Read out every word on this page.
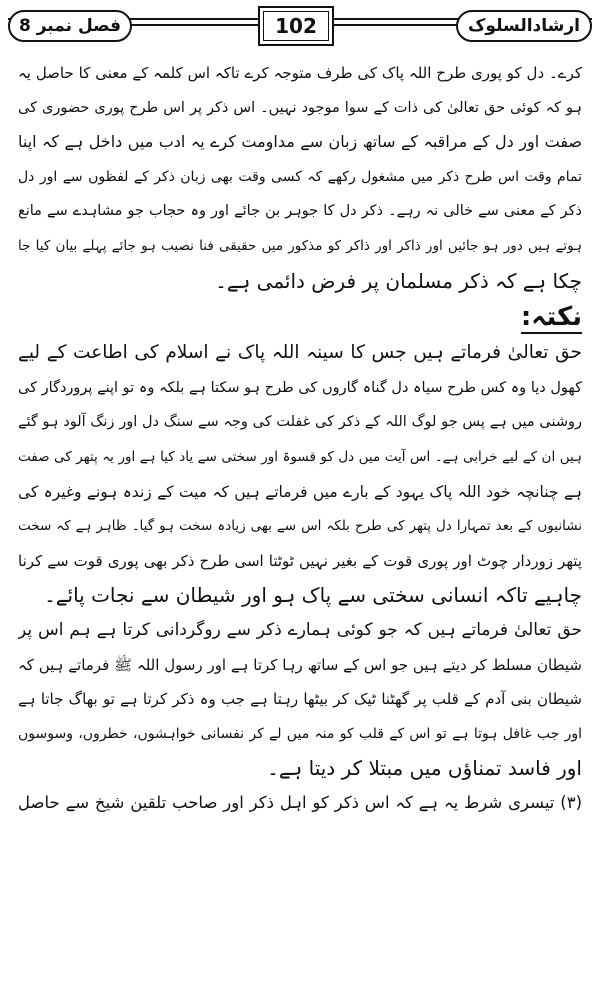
فصل نمبر 8	102	ارشادالسلوک
کرے۔ دل کو پوری طرح اللہ پاک کی طرف متوجہ کرے تاکہ اس کلمہ کے معنی کا حاصل یہ
ہو کہ کوئی حق تعالیٰ کی ذات کے سوا موجود نہیں۔ اس ذکر پر اس طرح پوری حضوری کی
صفت اور دل کے مراقبہ کے ساتھ زبان سے مداومت کرے یہ ادب میں داخل ہے کہ اپنا
تمام وقت اس طرح ذکر میں مشغول رکھے کہ کسی وقت بھی زبان ذکر کے لفظوں سے اور دل
ذکر کے معنی سے خالی نہ رہے۔ ذکر دل کا جوہر بن جائے اور وہ حجاب جو مشاہدے سے مانع
ہوتے ہیں دور ہو جائیں اور ذاکر اور ذاکر کو مذکور میں حقیقی فنا نصیب ہو جائے پہلے بیان کیا جا
چکا ہے کہ ذکر مسلمان پر فرض دائمی ہے۔
نکتہ:
حق تعالیٰ فرماتے ہیں جس کا سینہ اللہ پاک نے اسلام کی اطاعت کے لیے
کھول دیا وہ کس طرح سیاہ دل گناہ گاروں کی طرح ہو سکتا ہے بلکہ وہ تو اپنے پروردگار کی
روشنی میں ہے پس جو لوگ اللہ کے ذکر کی غفلت کی وجہ سے سنگ دل اور زنگ آلود ہو گئے
ہیں ان کے لیے خرابی ہے۔ اس آیت میں دل کو قسوۃ اور سختی سے یاد کیا ہے اور یہ پتھر کی صفت
ہے چنانچہ خود اللہ پاک یہود کے بارے میں فرماتے ہیں کہ میت کے زندہ ہونے وغیرہ کی
نشانیوں کے بعد تمہارا دل پتھر کی طرح بلکہ اس سے بھی زیادہ سخت ہو گیا۔ ظاہر ہے کہ سخت
پتھر زوردار چوٹ اور پوری قوت کے بغیر نہیں ٹوٹتا اسی طرح ذکر بھی پوری قوت سے کرنا
چاہیے تاکہ انسانی سختی سے پاک ہو اور شیطان سے نجات پائے۔
حق تعالیٰ فرماتے ہیں کہ جو کوئی ہمارے ذکر سے روگردانی کرتا ہے ہم اس پر
شیطان مسلط کر دیتے ہیں جو اس کے ساتھ رہا کرتا ہے اور رسول اللہ ﷺ فرماتے ہیں کہ
شیطان بنی آدم کے قلب پر گھٹنا ٹیک کر بیٹھا رہتا ہے جب وہ ذکر کرتا ہے تو بھاگ جاتا ہے
اور جب غافل ہوتا ہے تو اس کے قلب کو منہ میں لے کر نفسانی خواہشوں، خطروں، وسوسوں
اور فاسد تمناؤں میں مبتلا کر دیتا ہے۔
(۳) تیسری شرط یہ ہے کہ اس ذکر کو اہل ذکر اور صاحب تلقین شیخ سے حاصل
